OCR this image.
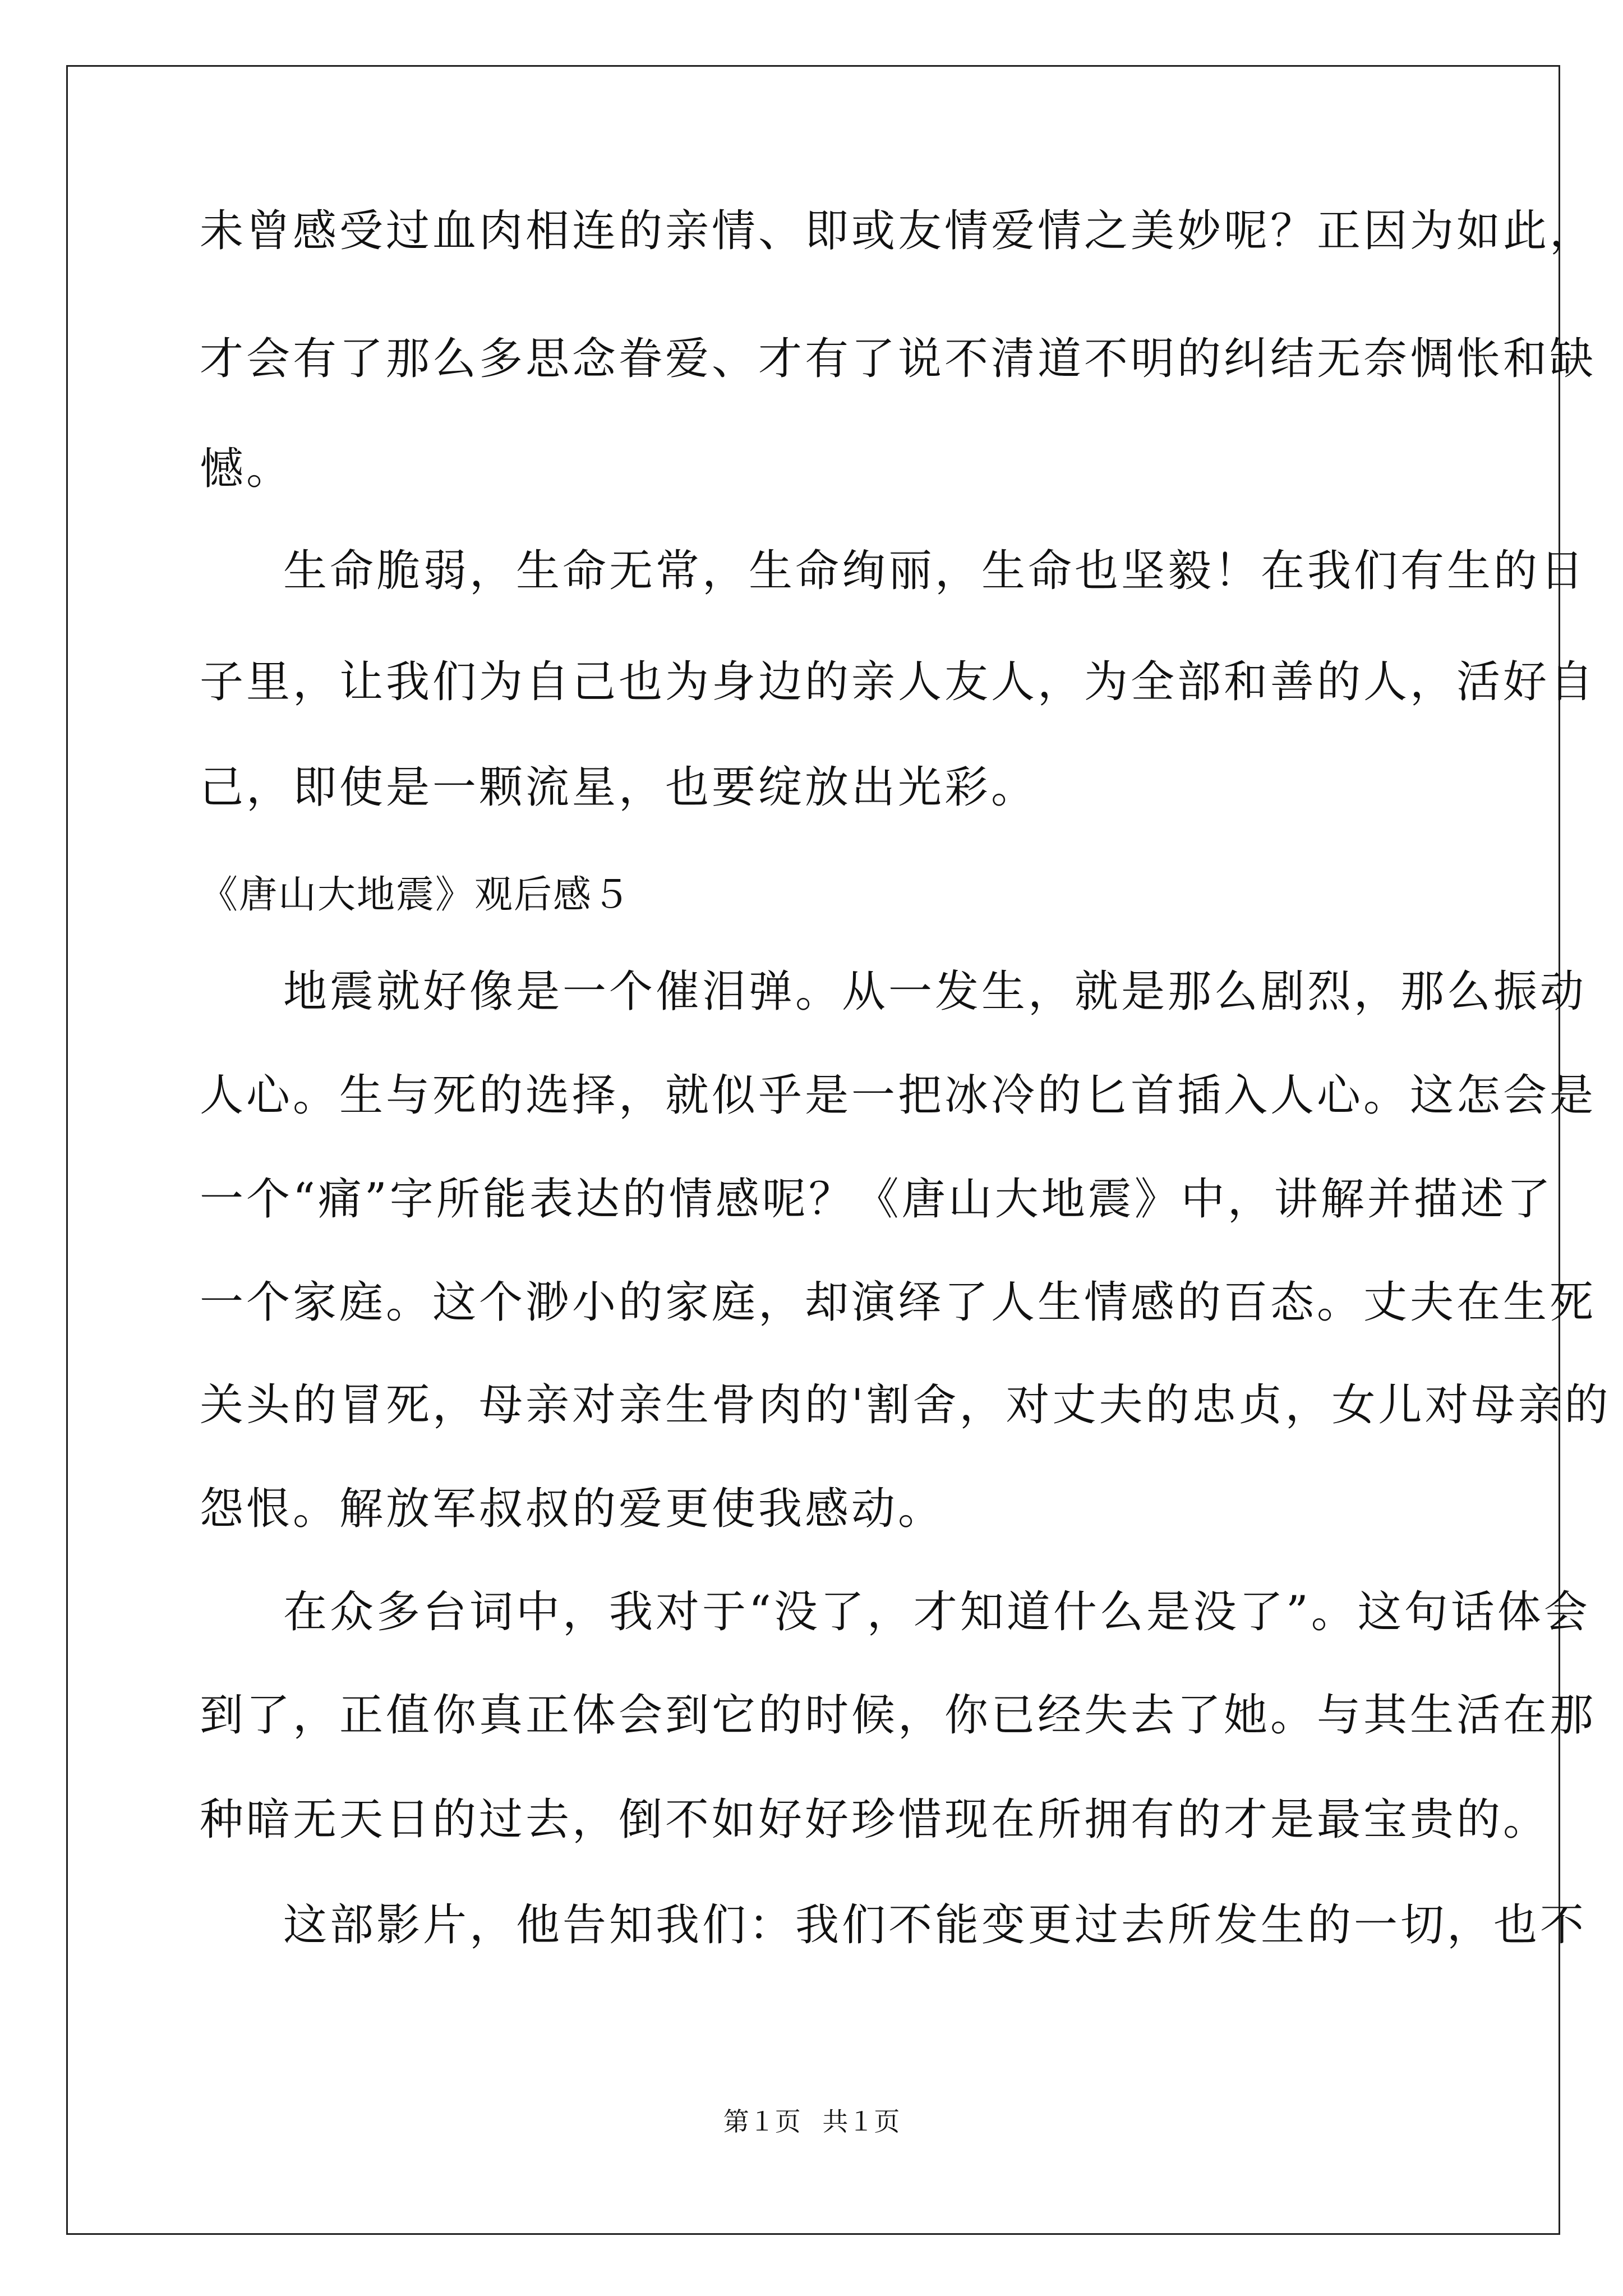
未曾感受过血肉相连的亲情、即或友情爱情之美妙呢？正因为如此，
才会有了那么多思念眷爱、才有了说不清道不明的纠结无奈惆怅和缺
憾。
生命脆弱，生命无常，生命绚丽，生命也坚毅！在我们有生的日
子里，让我们为自己也为身边的亲人友人，为全部和善的人，活好自
己，即使是一颗流星，也要绽放出光彩。
《唐山大地震》观后感５
地震就好像是一个催泪弹。从一发生，就是那么剧烈，那么振动
人心。生与死的选择，就似乎是一把冰冷的匕首插入人心。这怎会是
一个“痛”字所能表达的情感呢？《唐山大地震》中，讲解并描述了
一个家庭。这个渺小的家庭，却演绎了人生情感的百态。丈夫在生死
关头的冒死，母亲对亲生骨肉的'割舍，对丈夫的忠贞，女儿对母亲的
怨恨。解放军叔叔的爱更使我感动。
在众多台词中，我对于“没了，才知道什么是没了”。这句话体会
到了，正值你真正体会到它的时候，你已经失去了她。与其生活在那
种暗无天日的过去，倒不如好好珍惜现在所拥有的才是最宝贵的。
这部影片，他告知我们：我们不能变更过去所发生的一切，也不
第１页 共１页
